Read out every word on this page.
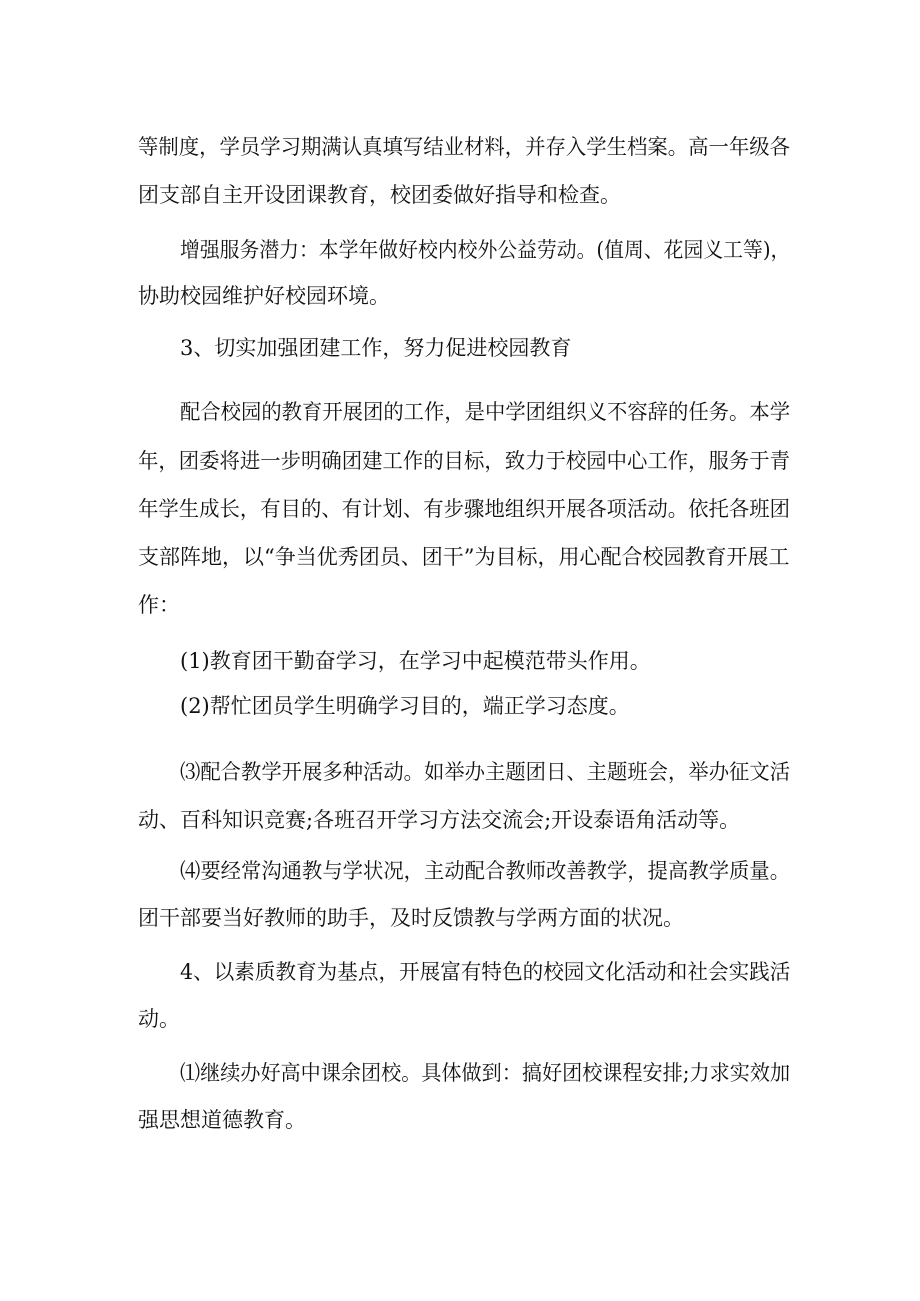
等制度，学员学习期满认真填写结业材料，并存入学生档案。高一年级各

团支部自主开设团课教育，校团委做好指导和检查。

增强服务潜力：本学年做好校内校外公益劳动。(值周、花园义工等)，

协助校园维护好校园环境。

3、切实加强团建工作，努力促进校园教育

配合校园的教育开展团的工作，是中学团组织义不容辞的任务。本学

年，团委将进一步明确团建工作的目标，致力于校园中心工作，服务于青

年学生成长，有目的、有计划、有步骤地组织开展各项活动。依托各班团

支部阵地，以“争当优秀团员、团干”为目标，用心配合校园教育开展工

作：

(1)教育团干勤奋学习，在学习中起模范带头作用。

(2)帮忙团员学生明确学习目的，端正学习态度。

⑶配合教学开展多种活动。如举办主题团日、主题班会，举办征文活

动、百科知识竞赛;各班召开学习方法交流会;开设泰语角活动等。

⑷要经常沟通教与学状况，主动配合教师改善教学，提高教学质量。

团干部要当好教师的助手，及时反馈教与学两方面的状况。

4、以素质教育为基点，开展富有特色的校园文化活动和社会实践活

动。

⑴继续办好高中课余团校。具体做到：搞好团校课程安排;力求实效加

强思想道德教育。
